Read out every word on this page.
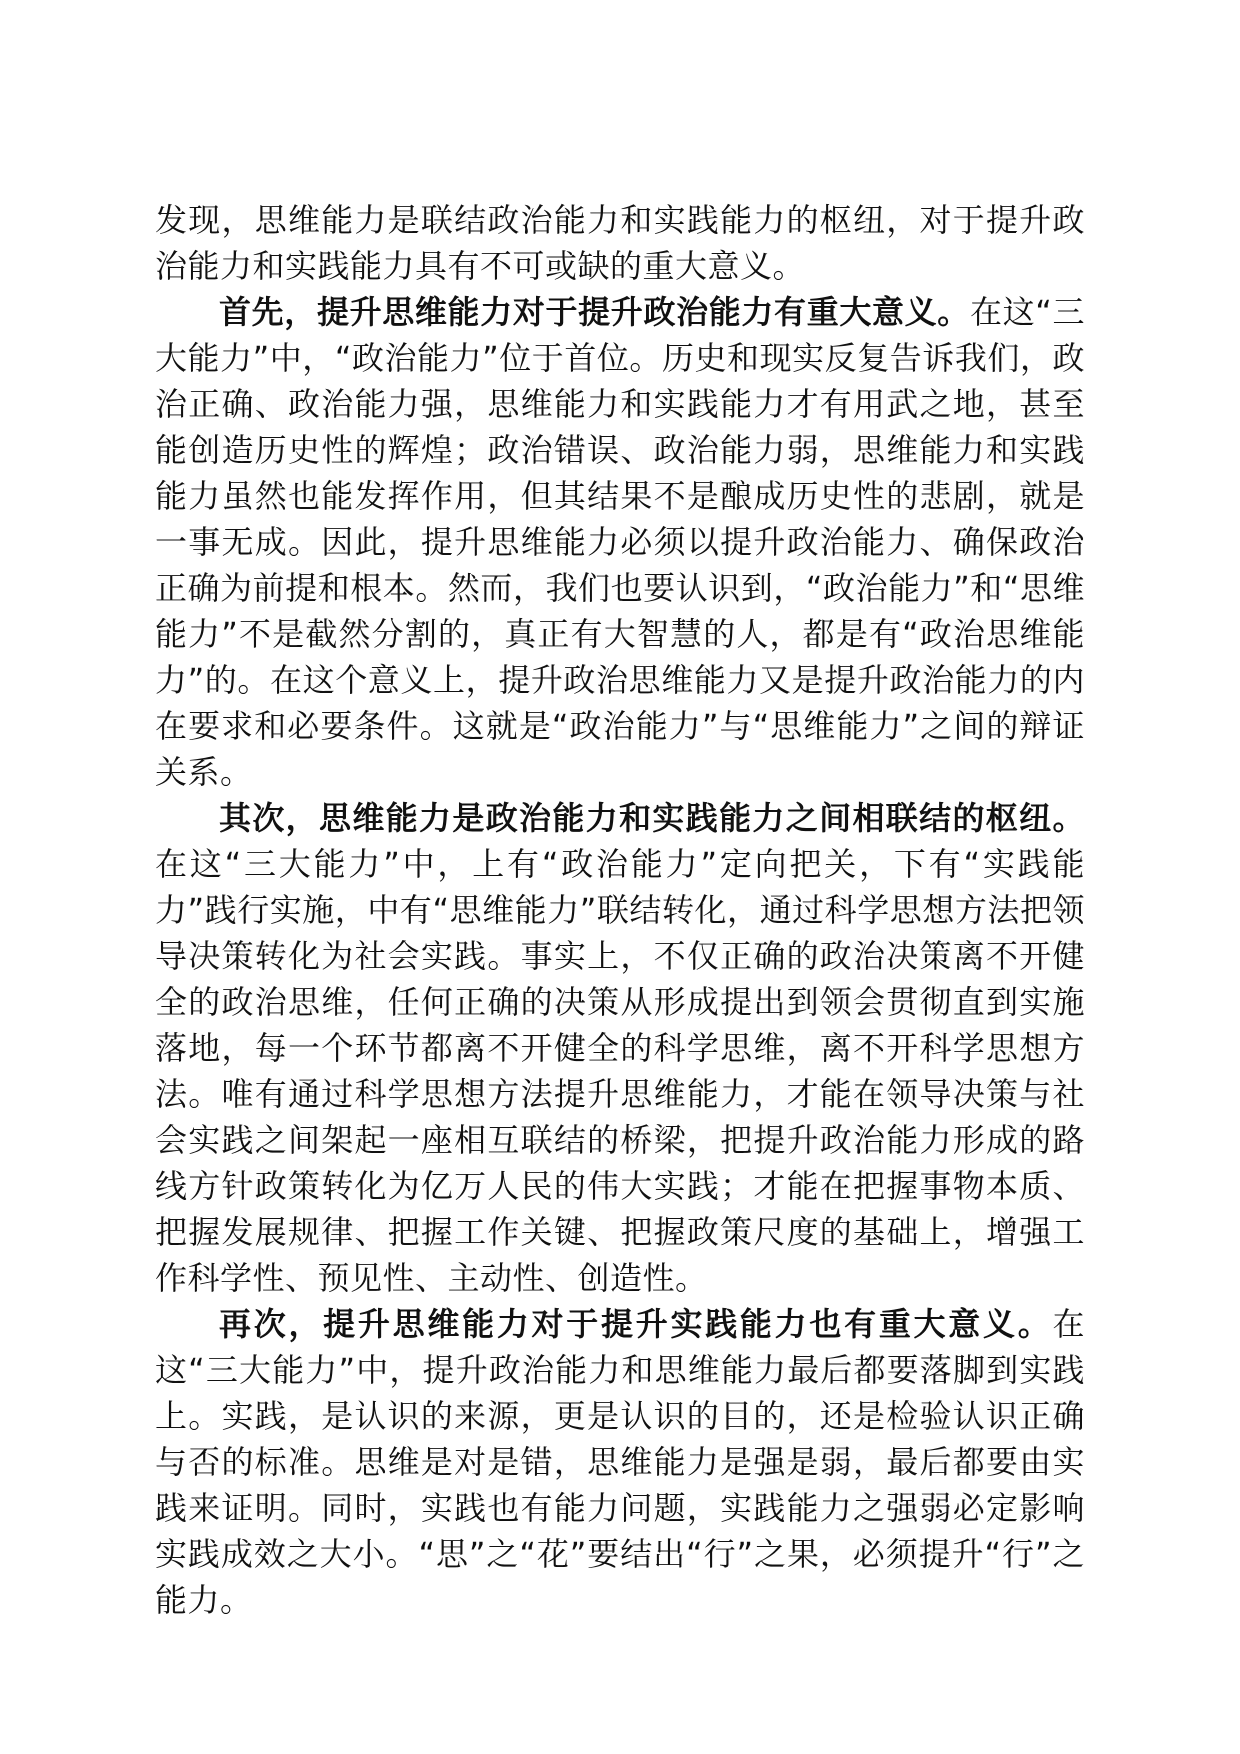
发现，思维能力是联结政治能力和实践能力的枢纽，对于提升政治能力和实践能力具有不可或缺的重大意义。

首先，提升思维能力对于提升政治能力有重大意义。在这“三大能力”中，“政治能力”位于首位。历史和现实反复告诉我们，政治正确、政治能力强，思维能力和实践能力才有用武之地，甚至能创造历史性的辉煌；政治错误、政治能力弱，思维能力和实践能力虽然也能发挥作用，但其结果不是酿成历史性的悲剧，就是一事无成。因此，提升思维能力必须以提升政治能力、确保政治正确为前提和根本。然而，我们也要认识到，“政治能力”和“思维能力”不是截然分割的，真正有大智慧的人，都是有“政治思维能力”的。在这个意义上，提升政治思维能力又是提升政治能力的内在要求和必要条件。这就是“政治能力”与“思维能力”之间的辩证关系。

其次，思维能力是政治能力和实践能力之间相联结的枢纽。在这“三大能力”中，上有“政治能力”定向把关，下有“实践能力”践行实施，中有“思维能力”联结转化，通过科学思想方法把领导决策转化为社会实践。事实上，不仅正确的政治决策离不开健全的政治思维，任何正确的决策从形成提出到领会贯彻直到实施落地，每一个环节都离不开健全的科学思维，离不开科学思想方法。唯有通过科学思想方法提升思维能力，才能在领导决策与社会实践之间架起一座相互联结的桥梁，把提升政治能力形成的路线方针政策转化为亿万人民的伟大实践；才能在把握事物本质、把握发展规律、把握工作关键、把握政策尺度的基础上，增强工作科学性、预见性、主动性、创造性。

再次，提升思维能力对于提升实践能力也有重大意义。在这“三大能力”中，提升政治能力和思维能力最后都要落脚到实践上。实践，是认识的来源，更是认识的目的，还是检验认识正确与否的标准。思维是对是错，思维能力是强是弱，最后都要由实践来证明。同时，实践也有能力问题，实践能力之强弱必定影响实践成效之大小。“思”之“花”要结出“行”之果，必须提升“行”之能力。
